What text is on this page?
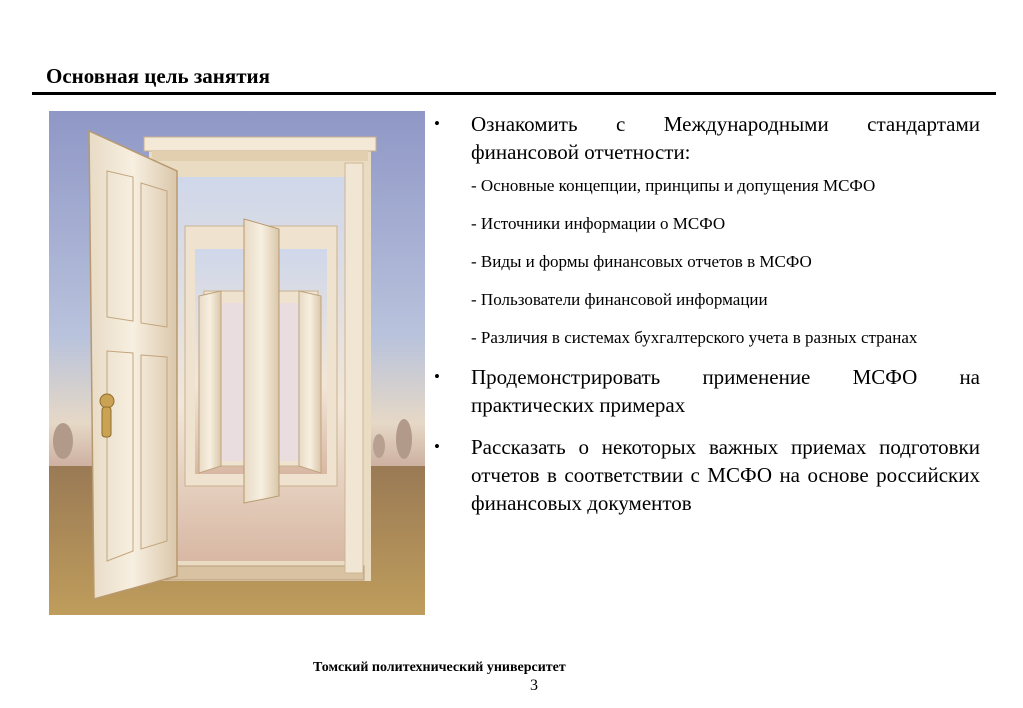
Основная цель занятия
• Ознакомить с Международными стандартами финансовой отчетности:
- Основные концепции, принципы и допущения МСФО
- Источники информации о МСФО
- Виды и формы финансовых отчетов в МСФО
- Пользователи финансовой информации
- Различия в системах бухгалтерского учета в разных странах
• Продемонстрировать применение МСФО на практических примерах
• Рассказать о некоторых важных приемах подготовки отчетов в соответствии с МСФО на основе российских финансовых документов
Томский политехнический университет
3
